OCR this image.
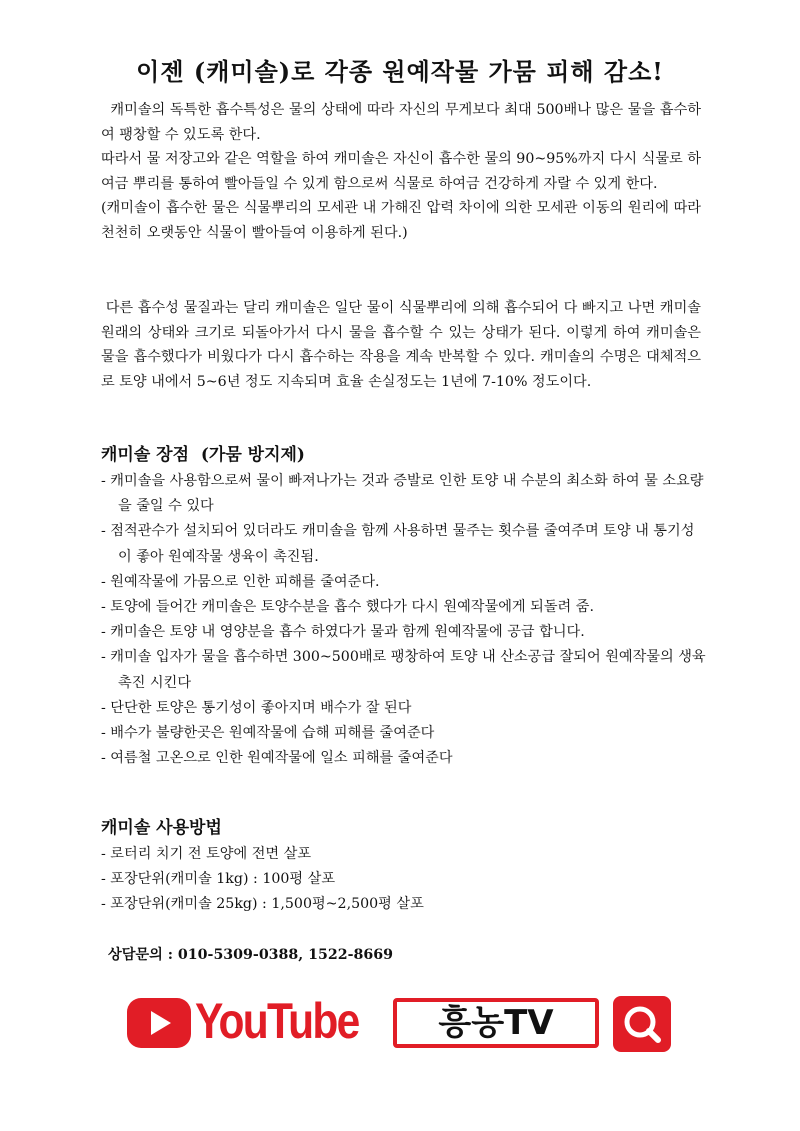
이젠 (캐미솔)로 각종 원예작물 가뭄 피해 감소!

캐미솔의 독특한 흡수특성은 물의 상태에 따라 자신의 무게보다 최대 500배나 많은 물을 흡수하여 팽창할 수 있도록 한다.

따라서 물 저장고와 같은 역할을 하여 캐미솔은 자신이 흡수한 물의 90~95%까지 다시 식물로 하여금 뿌리를 통하여 빨아들일 수 있게 함으로써 식물로 하여금 건강하게 자랄 수 있게 한다.

(캐미솔이 흡수한 물은 식물뿌리의 모세관 내 가해진 압력 차이에 의한 모세관 이동의 원리에 따라 천천히 오랫동안 식물이 빨아들여 이용하게 된다.)

다른 흡수성 물질과는 달리 캐미솔은 일단 물이 식물뿌리에 의해 흡수되어 다 빠지고 나면 캐미솔 원래의 상태와 크기로 되돌아가서 다시 물을 흡수할 수 있는 상태가 된다. 이렇게 하여 캐미솔은 물을 흡수했다가 비웠다가 다시 흡수하는 작용을 계속 반복할 수 있다. 캐미솔의 수명은 대체적으로 토양 내에서 5~6년 정도 지속되며 효율 손실정도는 1년에 7-10% 정도이다.

캐미솔 장점  (가뭄 방지제)
- 캐미솔을 사용함으로써 물이 빠져나가는 것과 증발로 인한 토양 내 수분의 최소화 하여 물 소요량을 줄일 수 있다
- 점적관수가 설치되어 있더라도 캐미솔을 함께 사용하면 물주는 횟수를 줄여주며 토양 내 통기성이 좋아 원예작물 생육이 촉진됨.
- 원예작물에 가뭄으로 인한 피해를 줄여준다.
- 토양에 들어간 캐미솔은 토양수분을 흡수 했다가 다시 원예작물에게 되돌려 줌.
- 캐미솔은 토양 내 영양분을 흡수 하였다가 물과 함께 원예작물에 공급 합니다.
- 캐미솔 입자가 물을 흡수하면 300~500배로 팽창하여 토양 내 산소공급 잘되어 원예작물의 생육 촉진 시킨다
- 단단한 토양은 통기성이 좋아지며 배수가 잘 된다
- 배수가 불량한곳은 원예작물에 습해 피해를 줄여준다
- 여름철 고온으로 인한 원예작물에 일소 피해를 줄여준다
캐미솔 사용방법
- 로터리 치기 전 토양에 전면 살포
- 포장단위(캐미솔 1kg) : 100평 살포
- 포장단위(캐미솔 25kg) : 1,500평~2,500평 살포
상담문의 : 010-5309-0388, 1522-8669
YouTube	흥농TV
